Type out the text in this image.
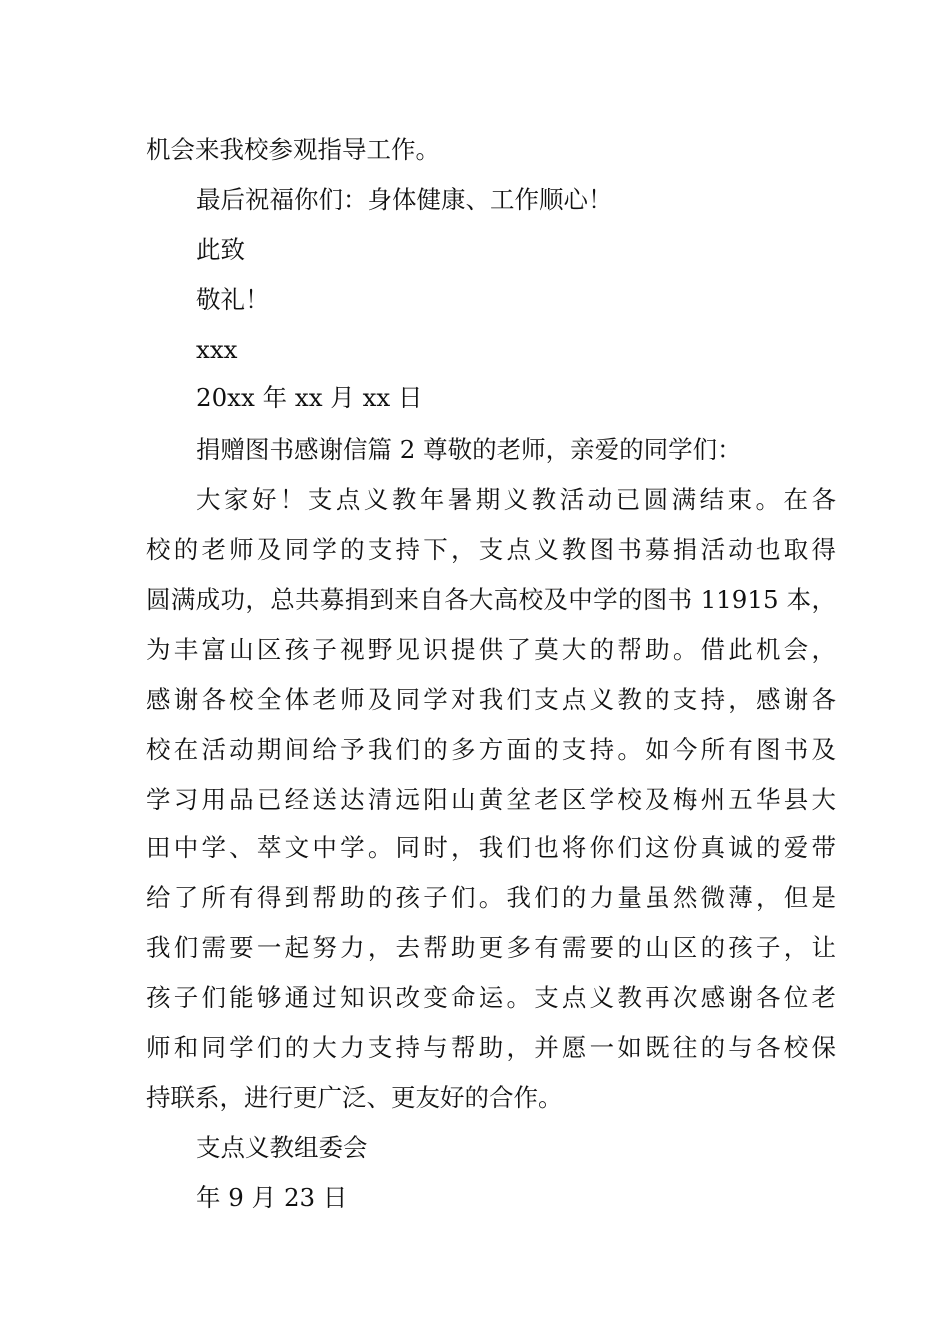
机会来我校参观指导工作。
最后祝福你们：身体健康、工作顺心！
此致
敬礼！
xxx
20xx 年 xx 月 xx 日
捐赠图书感谢信篇 2 尊敬的老师，亲爱的同学们：
大家好！支点义教年暑期义教活动已圆满结束。在各
校的老师及同学的支持下，支点义教图书募捐活动也取得
圆满成功，总共募捐到来自各大高校及中学的图书 11915 本，
为丰富山区孩子视野见识提供了莫大的帮助。借此机会，
感谢各校全体老师及同学对我们支点义教的支持，感谢各
校在活动期间给予我们的多方面的支持。如今所有图书及
学习用品已经送达清远阳山黄坌老区学校及梅州五华县大
田中学、萃文中学。同时，我们也将你们这份真诚的爱带
给了所有得到帮助的孩子们。我们的力量虽然微薄，但是
我们需要一起努力，去帮助更多有需要的山区的孩子，让
孩子们能够通过知识改变命运。支点义教再次感谢各位老
师和同学们的大力支持与帮助，并愿一如既往的与各校保
持联系，进行更广泛、更友好的合作。
支点义教组委会
年 9 月 23 日
